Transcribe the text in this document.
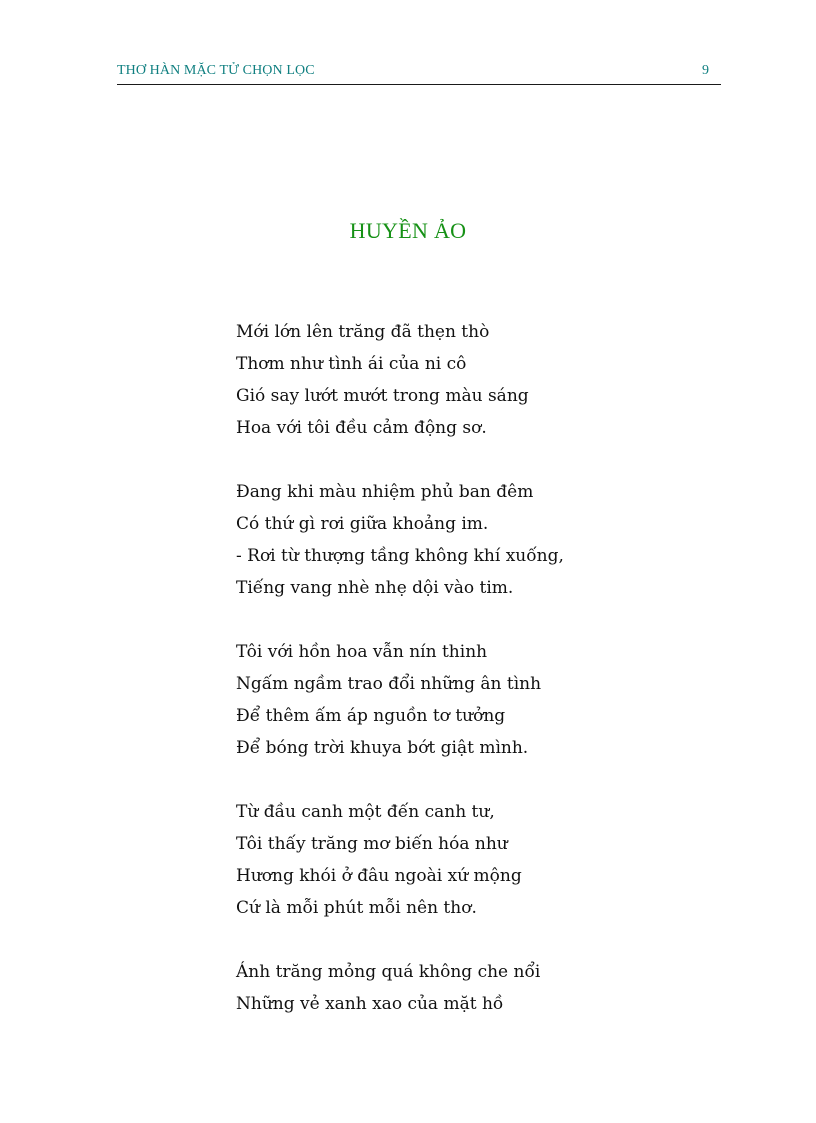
THƠ HÀN MẶC TỬ CHỌN LỌC	9
HUYỀN ẢO
Mới lớn lên trăng đã thẹn thò
Thơm như tình ái của ni cô
Gió say lướt mướt trong màu sáng
Hoa với tôi đều cảm động sơ.
Đang khi màu nhiệm phủ ban đêm
Có thứ gì rơi giữa khoảng im.
- Rơi từ thượng tầng không khí xuống,
Tiếng vang nhè nhẹ dội vào tim.
Tôi với hồn hoa vẫn nín thinh
Ngấm ngầm trao đổi những ân tình
Để thêm ấm áp nguồn tơ tưởng
Để bóng trời khuya bớt giật mình.
Từ đầu canh một đến canh tư,
Tôi thấy trăng mơ biến hóa như
Hương khói ở đâu ngoài xứ mộng
Cứ là mỗi phút mỗi nên thơ.
Ánh trăng mỏng quá không che nổi
Những vẻ xanh xao của mặt hồ
